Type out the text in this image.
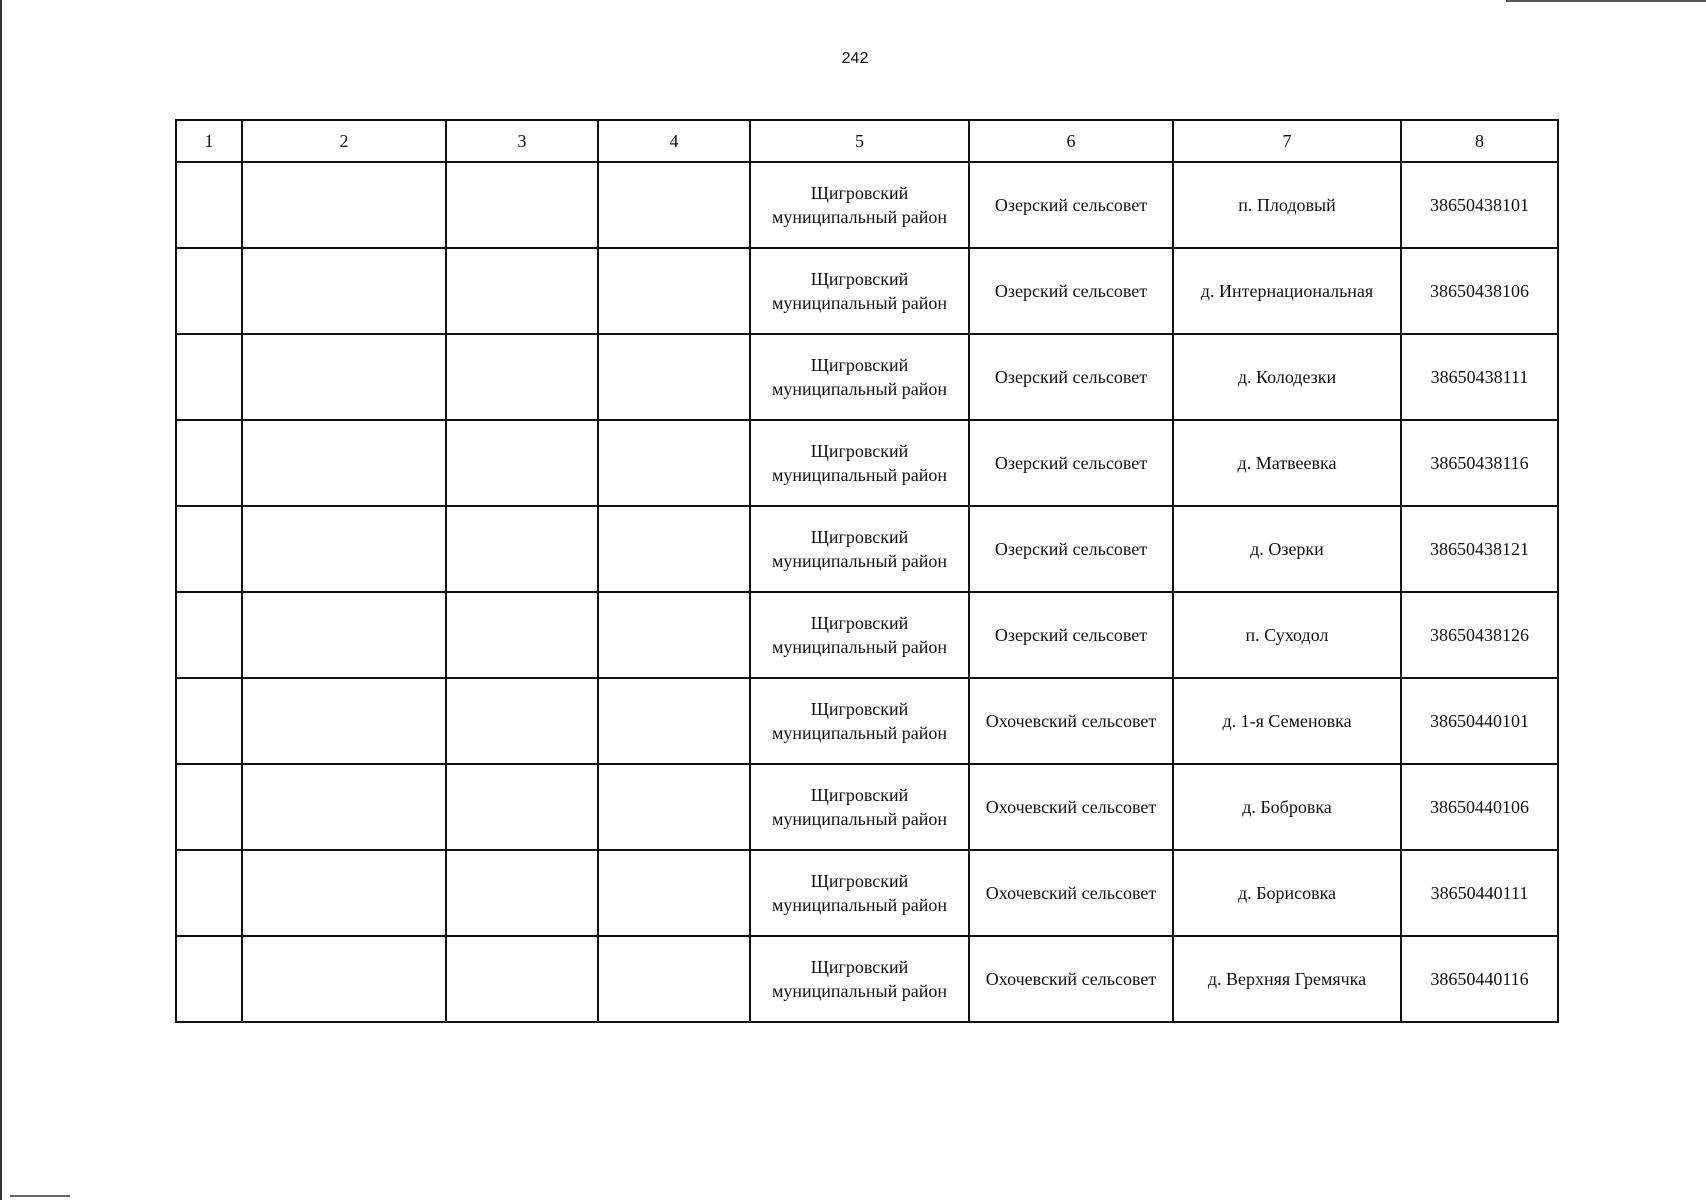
242
1	2	3	4	5	6	7	8
				Щигровский муниципальный район	Озерский сельсовет	п. Плодовый	38650438101
				Щигровский муниципальный район	Озерский сельсовет	д. Интернациональная	38650438106
				Щигровский муниципальный район	Озерский сельсовет	д. Колодезки	38650438111
				Щигровский муниципальный район	Озерский сельсовет	д. Матвеевка	38650438116
				Щигровский муниципальный район	Озерский сельсовет	д. Озерки	38650438121
				Щигровский муниципальный район	Озерский сельсовет	п. Суходол	38650438126
				Щигровский муниципальный район	Охочевский сельсовет	д. 1-я Семеновка	38650440101
				Щигровский муниципальный район	Охочевский сельсовет	д. Бобровка	38650440106
				Щигровский муниципальный район	Охочевский сельсовет	д. Борисовка	38650440111
				Щигровский муниципальный район	Охочевский сельсовет	д. Верхняя Гремячка	38650440116
